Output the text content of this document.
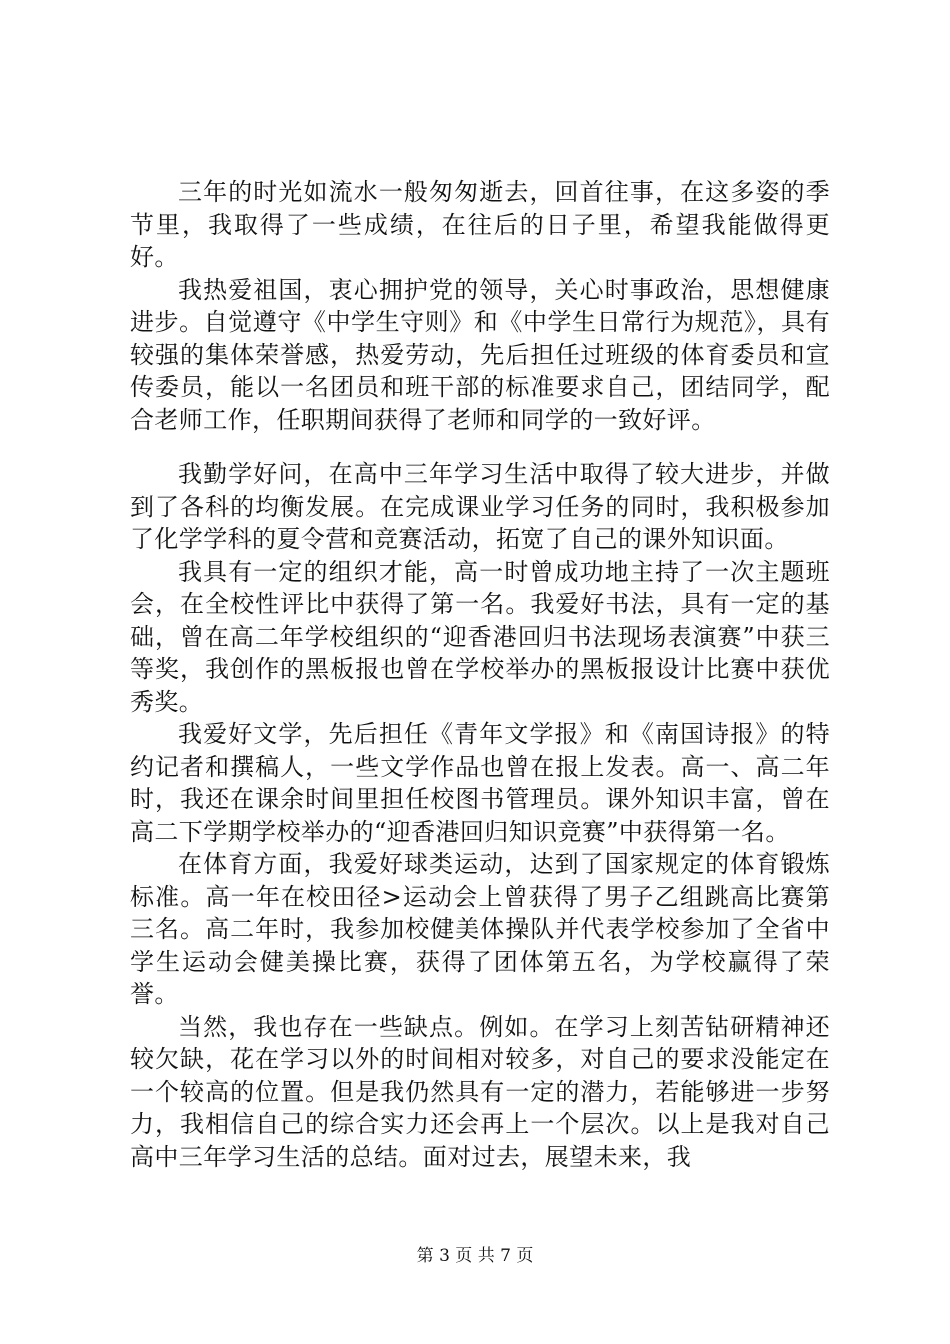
三年的时光如流水一般匆匆逝去，回首往事，在这多姿的季节里，我取得了一些成绩，在往后的日子里，希望我能做得更好。

我热爱祖国，衷心拥护党的领导，关心时事政治，思想健康进步。自觉遵守《中学生守则》和《中学生日常行为规范》，具有较强的集体荣誉感，热爱劳动，先后担任过班级的体育委员和宣传委员，能以一名团员和班干部的标准要求自己，团结同学，配合老师工作，任职期间获得了老师和同学的一致好评。

我勤学好问，在高中三年学习生活中取得了较大进步，并做到了各科的均衡发展。在完成课业学习任务的同时，我积极参加了化学学科的夏令营和竞赛活动，拓宽了自己的课外知识面。

我具有一定的组织才能，高一时曾成功地主持了一次主题班会，在全校性评比中获得了第一名。我爱好书法，具有一定的基础，曾在高二年学校组织的“迎香港回归书法现场表演赛”中获三等奖，我创作的黑板报也曾在学校举办的黑板报设计比赛中获优秀奖。

我爱好文学，先后担任《青年文学报》和《南国诗报》的特约记者和撰稿人，一些文学作品也曾在报上发表。高一、高二年时，我还在课余时间里担任校图书管理员。课外知识丰富，曾在高二下学期学校举办的“迎香港回归知识竞赛”中获得第一名。

在体育方面，我爱好球类运动，达到了国家规定的体育锻炼标准。高一年在校田径>运动会上曾获得了男子乙组跳高比赛第三名。高二年时，我参加校健美体操队并代表学校参加了全省中学生运动会健美操比赛，获得了团体第五名，为学校赢得了荣誉。

当然，我也存在一些缺点。例如。在学习上刻苦钻研精神还较欠缺，花在学习以外的时间相对较多，对自己的要求没能定在一个较高的位置。但是我仍然具有一定的潜力，若能够进一步努力，我相信自己的综合实力还会再上一个层次。以上是我对自己高中三年学习生活的总结。面对过去，展望未来，我

第 3 页 共 7 页
